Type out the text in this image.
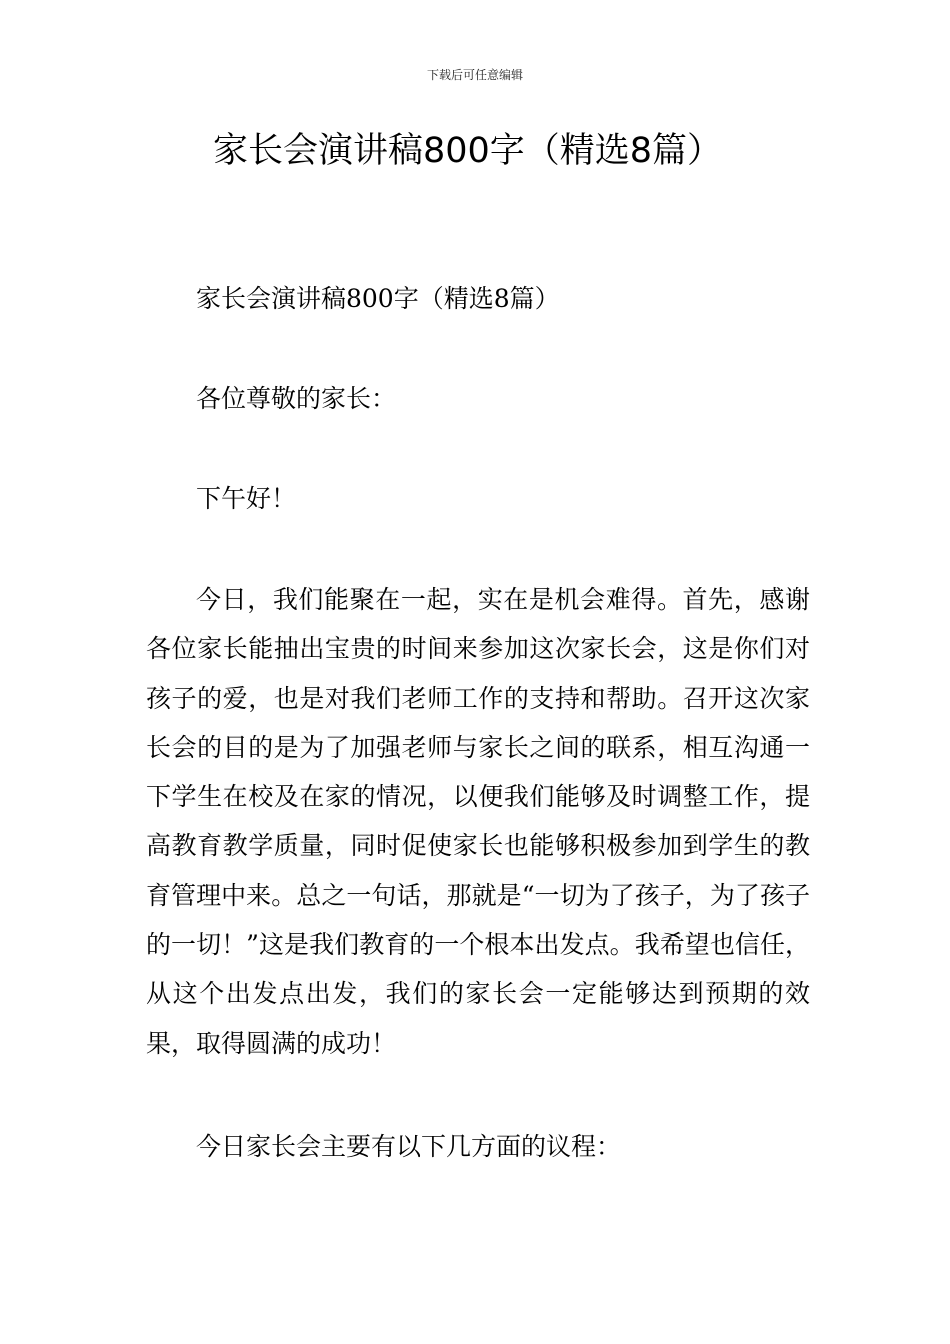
下载后可任意编辑
家长会演讲稿800字（精选8篇）

家长会演讲稿800字（精选8篇）

各位尊敬的家长：

下午好！

今日，我们能聚在一起，实在是机会难得。首先，感谢各位家长能抽出宝贵的时间来参加这次家长会，这是你们对孩子的爱，也是对我们老师工作的支持和帮助。召开这次家长会的目的是为了加强老师与家长之间的联系，相互沟通一下学生在校及在家的情况，以便我们能够及时调整工作，提高教育教学质量，同时促使家长也能够积极参加到学生的教育管理中来。总之一句话，那就是“一切为了孩子，为了孩子的一切！”这是我们教育的一个根本出发点。我希望也信任，从这个出发点出发，我们的家长会一定能够达到预期的效果，取得圆满的成功！

今日家长会主要有以下几方面的议程：
